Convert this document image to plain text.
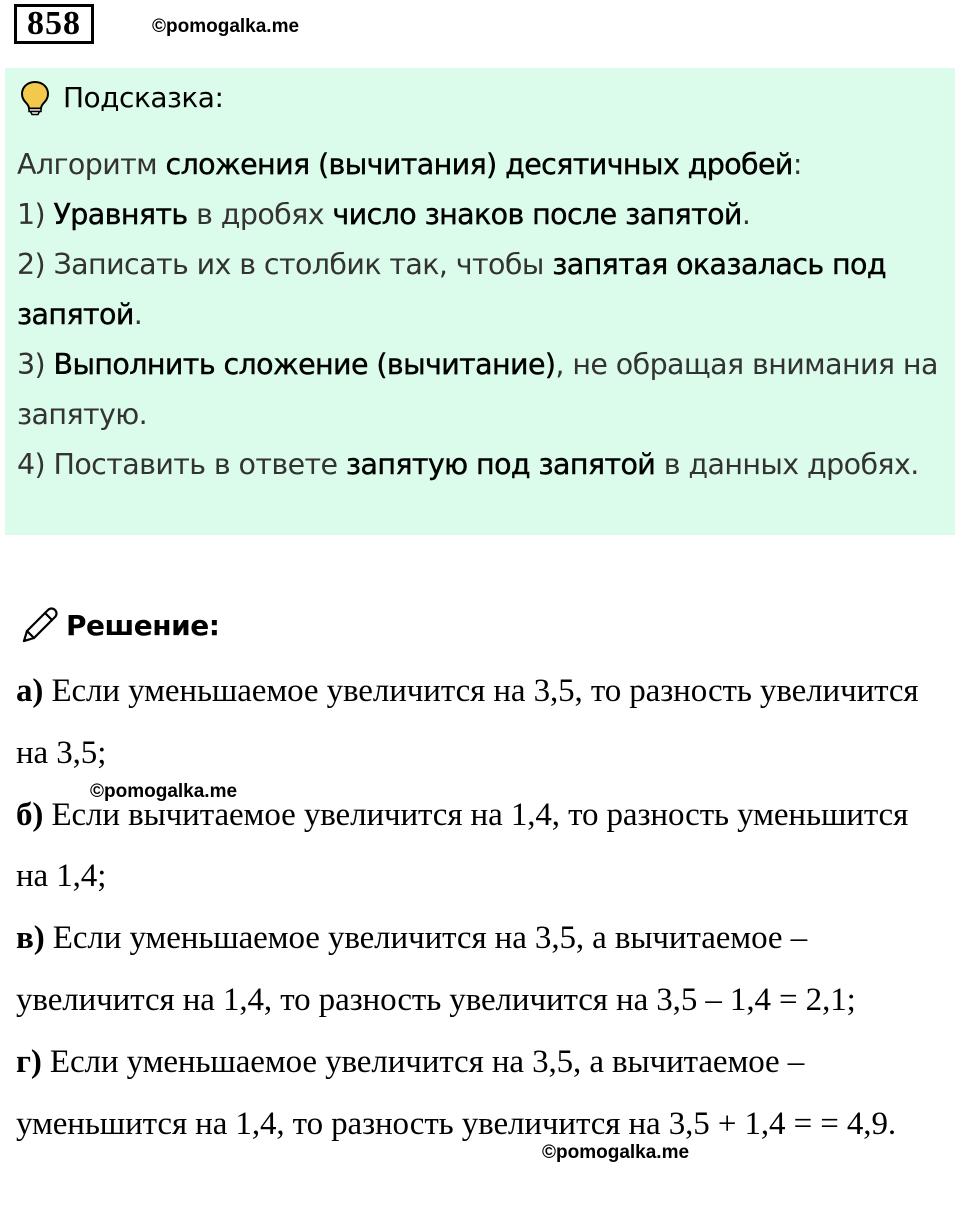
858	©pomogalka.me
Подсказка:

Алгоритм сложения (вычитания) десятичных дробей:

1) Уравнять в дробях число знаков после запятой.

2) Записать их в столбик так, чтобы запятая оказалась под запятой.

3) Выполнить сложение (вычитание), не обращая внимания на запятую.

4) Поставить в ответе запятую под запятой в данных дробях.

Решение:

а) Если уменьшаемое увеличится на 3,5, то разность увеличится на 3,5;

б) Если вычитаемое увеличится на 1,4, то разность уменьшится на 1,4;

в) Если уменьшаемое увеличится на 3,5, а вычитаемое – увеличится на 1,4, то разность увеличится на 3,5 – 1,4 = 2,1;

г) Если уменьшаемое увеличится на 3,5, а вычитаемое – уменьшится на 1,4, то разность увеличится на 3,5 + 1,4 = = 4,9.

©pomogalka.me
©pomogalka.me
